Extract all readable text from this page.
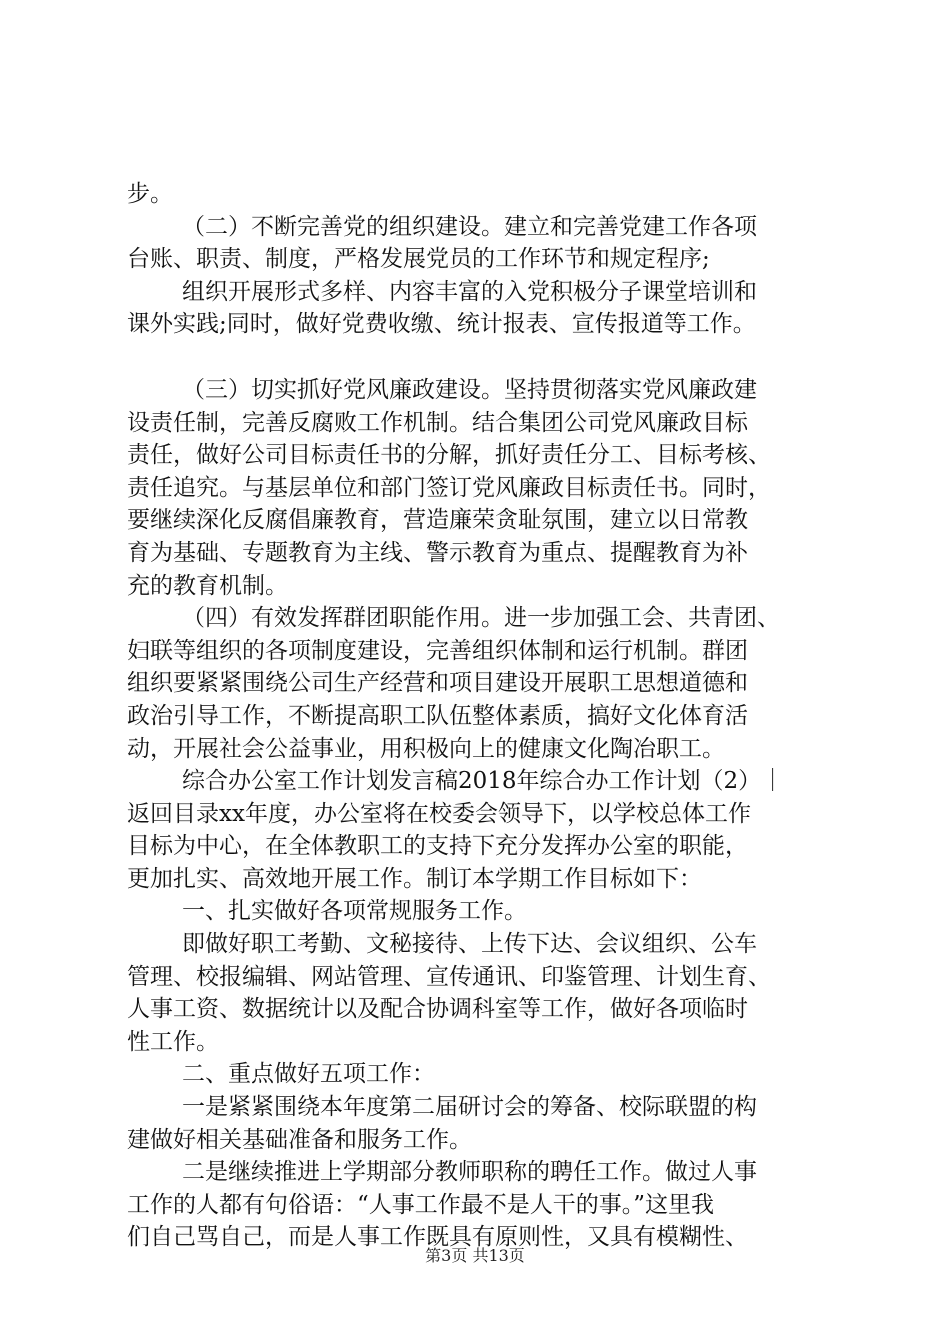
步。
（二）不断完善党的组织建设。建立和完善党建工作各项
台账、职责、制度，严格发展党员的工作环节和规定程序;
组织开展形式多样、内容丰富的入党积极分子课堂培训和
课外实践;同时，做好党费收缴、统计报表、宣传报道等工作。
（三）切实抓好党风廉政建设。坚持贯彻落实党风廉政建
设责任制，完善反腐败工作机制。结合集团公司党风廉政目标
责任，做好公司目标责任书的分解，抓好责任分工、目标考核、
责任追究。与基层单位和部门签订党风廉政目标责任书。同时，
要继续深化反腐倡廉教育，营造廉荣贪耻氛围，建立以日常教
育为基础、专题教育为主线、警示教育为重点、提醒教育为补
充的教育机制。
（四）有效发挥群团职能作用。进一步加强工会、共青团、
妇联等组织的各项制度建设，完善组织体制和运行机制。群团
组织要紧紧围绕公司生产经营和项目建设开展职工思想道德和
政治引导工作，不断提高职工队伍整体素质，搞好文化体育活
动，开展社会公益事业，用积极向上的健康文化陶冶职工。
综合办公室工作计划发言稿2018年综合办工作计划（2）｜
返回目录xx年度，办公室将在校委会领导下，以学校总体工作
目标为中心，在全体教职工的支持下充分发挥办公室的职能，
更加扎实、高效地开展工作。制订本学期工作目标如下：
一、扎实做好各项常规服务工作。
即做好职工考勤、文秘接待、上传下达、会议组织、公车
管理、校报编辑、网站管理、宣传通讯、印鉴管理、计划生育、
人事工资、数据统计以及配合协调科室等工作，做好各项临时
性工作。
二、重点做好五项工作：
一是紧紧围绕本年度第二届研讨会的筹备、校际联盟的构
建做好相关基础准备和服务工作。
二是继续推进上学期部分教师职称的聘任工作。做过人事
工作的人都有句俗语：“人事工作最不是人干的事。”这里我
们自己骂自己，而是人事工作既具有原则性，又具有模糊性、
第3页 共13页
